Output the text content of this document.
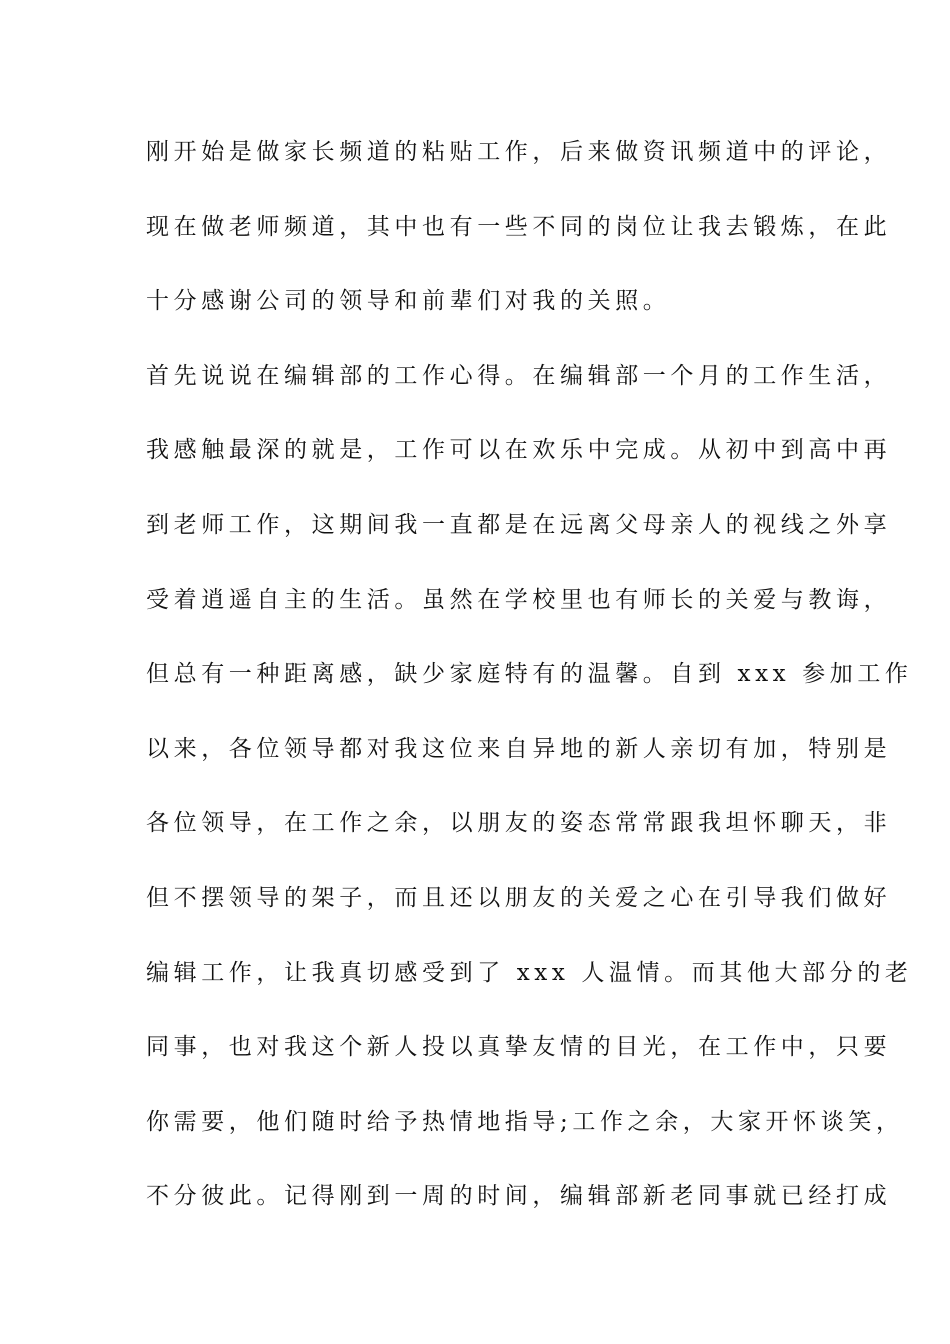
刚开始是做家长频道的粘贴工作，后来做资讯频道中的评论，
现在做老师频道，其中也有一些不同的岗位让我去锻炼，在此
十分感谢公司的领导和前辈们对我的关照。
首先说说在编辑部的工作心得。在编辑部一个月的工作生活，
我感触最深的就是，工作可以在欢乐中完成。从初中到高中再
到老师工作，这期间我一直都是在远离父母亲人的视线之外享
受着逍遥自主的生活。虽然在学校里也有师长的关爱与教诲，
但总有一种距离感，缺少家庭特有的温馨。自到 xxx 参加工作
以来，各位领导都对我这位来自异地的新人亲切有加，特别是
各位领导，在工作之余，以朋友的姿态常常跟我坦怀聊天，非
但不摆领导的架子，而且还以朋友的关爱之心在引导我们做好
编辑工作，让我真切感受到了 xxx 人温情。而其他大部分的老
同事，也对我这个新人投以真挚友情的目光，在工作中，只要
你需要，他们随时给予热情地指导;工作之余，大家开怀谈笑，
不分彼此。记得刚到一周的时间，编辑部新老同事就已经打成
